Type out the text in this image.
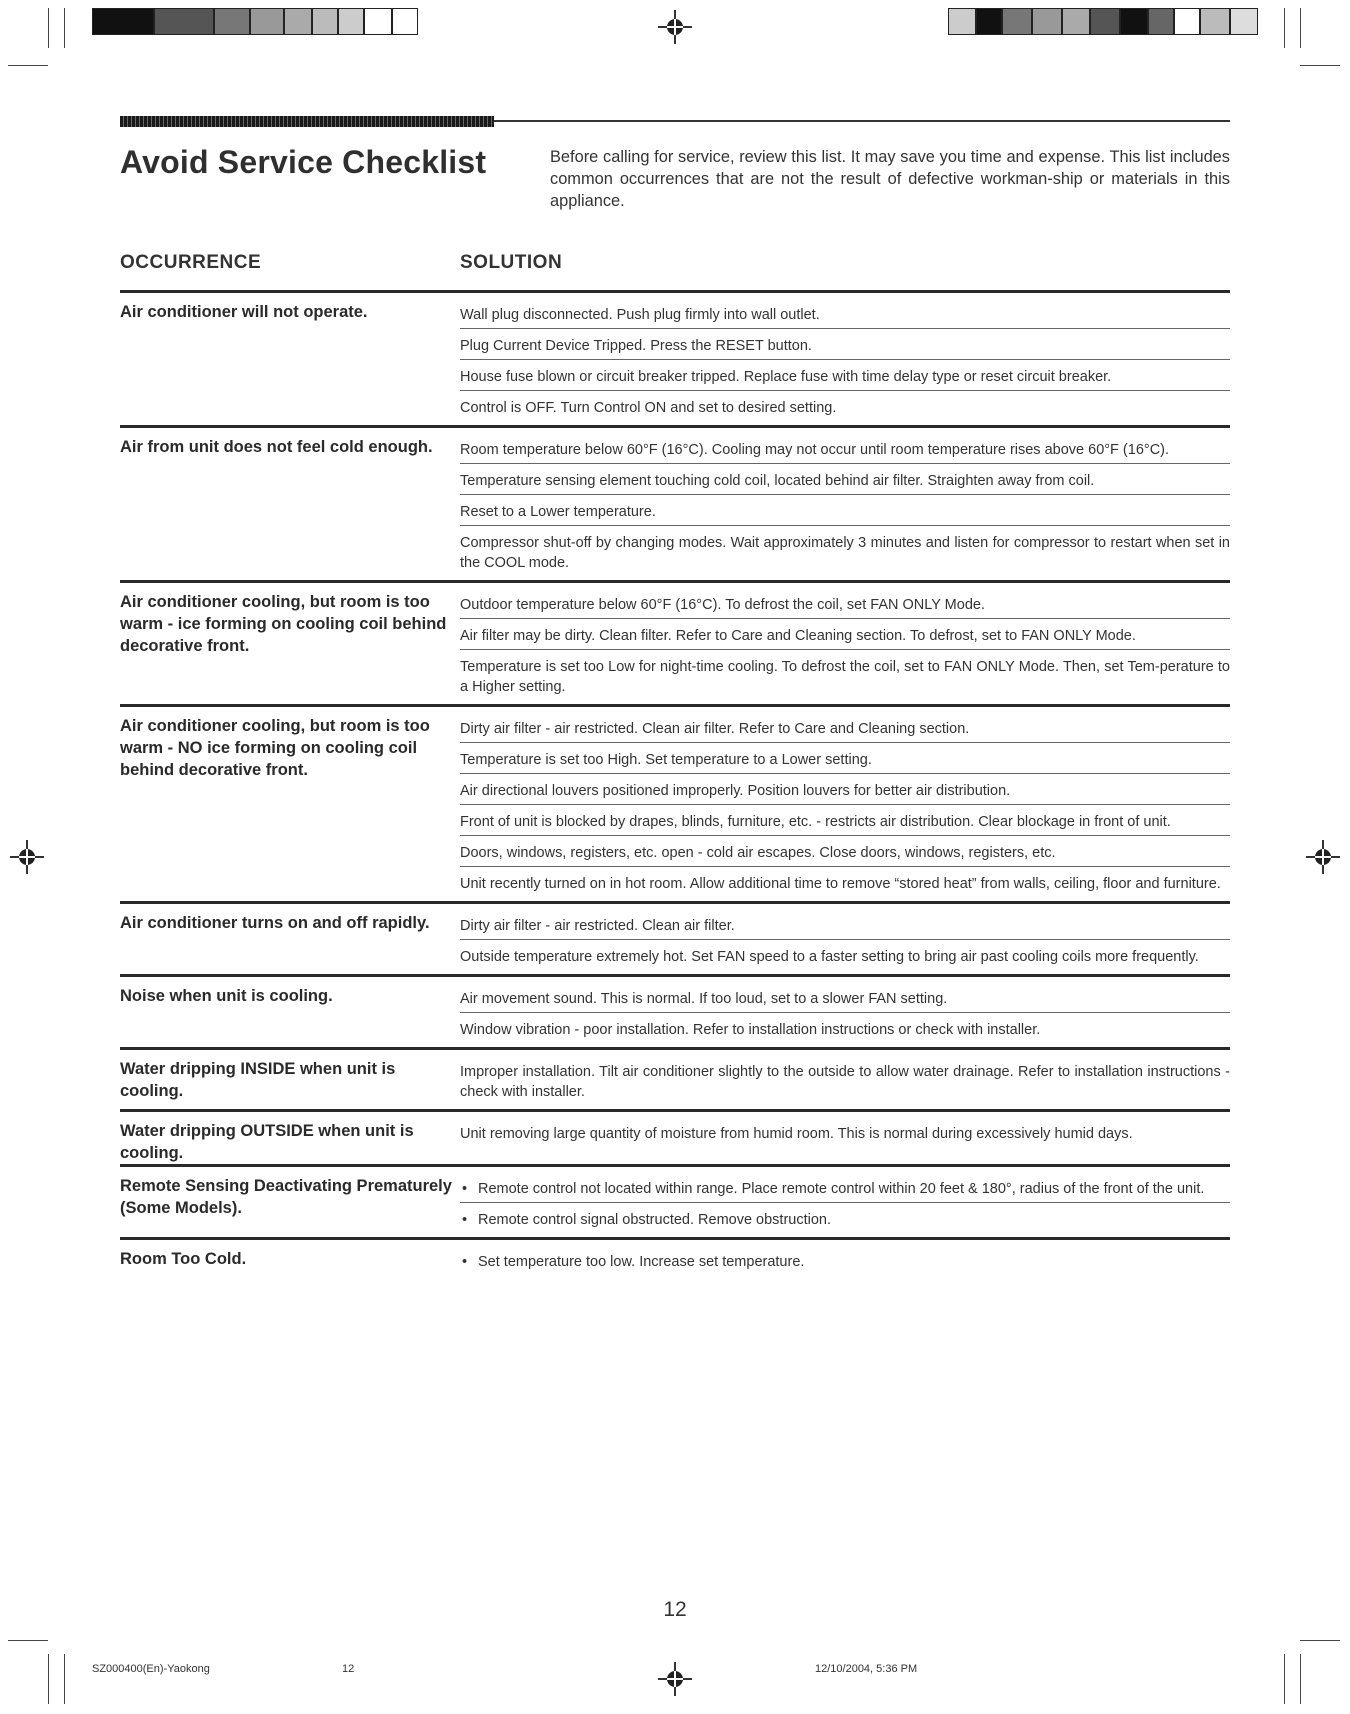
Avoid Service Checklist	Before calling for service, review this list. It may save you time and expense. This list includes common occurrences that are not the result of defective workman-ship or materials in this appliance.

OCCURRENCE	SOLUTION
Air conditioner will not operate.	Wall plug disconnected. Push plug firmly into wall outlet.
Plug Current Device Tripped. Press the RESET button.
House fuse blown or circuit breaker tripped. Replace fuse with time delay type or reset circuit breaker.
Control is OFF. Turn Control ON and set to desired setting.
Air from unit does not feel cold enough.	Room temperature below 60°F (16°C). Cooling may not occur until room temperature rises above 60°F (16°C).
Temperature sensing element touching cold coil, located behind air filter. Straighten away from coil.
Reset to a Lower temperature.
Compressor shut-off by changing modes. Wait approximately 3 minutes and listen for compressor to restart when set in the COOL mode.
Air conditioner cooling, but room is too warm - ice forming on cooling coil behind decorative front.
Outdoor temperature below 60°F (16°C). To defrost the coil, set FAN ONLY Mode.
Air filter may be dirty. Clean filter. Refer to Care and Cleaning section. To defrost, set to FAN ONLY Mode.
Temperature is set too Low for night-time cooling. To defrost the coil, set to FAN ONLY Mode. Then, set Tem-perature to a Higher setting.
Air conditioner cooling, but room is too warm - NO ice forming on cooling coil behind decorative front.
Dirty air filter - air restricted. Clean air filter. Refer to Care and Cleaning section.
Temperature is set too High. Set temperature to a Lower setting.
Air directional louvers positioned improperly. Position louvers for better air distribution.
Front of unit is blocked by drapes, blinds, furniture, etc. - restricts air distribution. Clear blockage in front of unit.
Doors, windows, registers, etc. open - cold air escapes. Close doors, windows, registers, etc.
Unit recently turned on in hot room. Allow additional time to remove “stored heat” from walls, ceiling, floor and furniture.
Air conditioner turns on and off rapidly.	Dirty air filter - air restricted. Clean air filter.
Outside temperature extremely hot. Set FAN speed to a faster setting to bring air past cooling coils more frequently.
Noise when unit is cooling.	Air movement sound. This is normal. If too loud, set to a slower FAN setting.
Window vibration - poor installation. Refer to installation instructions or check with installer.
Water dripping INSIDE when unit is cooling.
Improper installation. Tilt air conditioner slightly to the outside to allow water drainage. Refer to installation instructions - check with installer.
Water dripping OUTSIDE when unit is cooling.
Unit removing large quantity of moisture from humid room. This is normal during excessively humid days.
Remote Sensing Deactivating Prematurely (Some Models).
• Remote control not located within range. Place remote control within 20 feet & 180°, radius of the front of the unit.
• Remote control signal obstructed. Remove obstruction.
Room Too Cold.
•	Set temperature too low. Increase set temperature.
12
SZ000400(En)-Yaokong	12	12/10/2004, 5:36 PM
